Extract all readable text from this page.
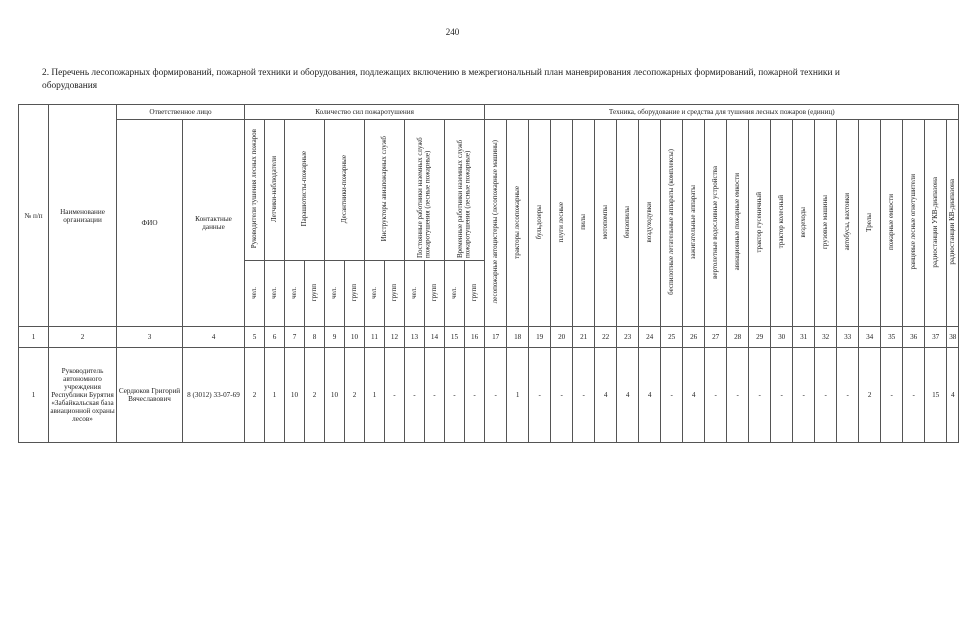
240
2. Перечень лесопожарных формирований, пожарной техники и оборудования, подлежащих включению в межрегиональный план маневрирования лесопожарных формирований, пожарной техники и оборудования
№ п/п	Наименование организации	Ответственное лицо		Количество сил пожаротушения												Техника, оборудование и средства для тушения лесных пожаров (единиц)																						
		ФИО	Контактные данные	Руководители тушения лесных пожаров	Летчики-наблюдатели	Парашютисты-пожарные		Десантники-пожарные		Инструкторы авиапожарных служб		Постоянные работники наземных служб пожаротушения (лесные пожарные)		Временные работники наземных служб пожаротушения (лесные пожарные)		лесопожарные автоцистерны (лесопожарные машины)	тракторы лесопожарные	бульдозеры	плуги лесные	пилы	мотопомпы	бензопилы	воздуходувки	беспилотные летательные аппараты (комплексы)	зажигательные аппараты	вертолетные водосливные устройства	авиационные пожарные емкости	трактор гусеничный	трактор колесный	вездеходы	грузовые машины	автобусы, вахтовки	Трелы	пожарные емкости	ранцевые лесные огнетушители	радиостанции УКВ-диапазона	радиостанции КВ-диапазона	
				чел.	чел.	чел.	групп	чел.	групп	чел.	групп	чел.	групп	чел.	групп																							
1	2	3	4	5	6	7	8	9	10	11	12	13	14	15	16	17	18	19	20	21	22	23	24	25	26	27	28	29	30	31	32	33	34	35	36	37	38	
1	Руководитель автономного учреждения Республики Бурятия «Забайкальская база авиационной охраны лесов»	Сердюков Григорий Вячеславович	8 (3012) 33-07-69	2	1	10	2	10	2	1	-	-	-	-	-	-	1	-	-	-	4	4	4	-	4	-	-	-	-	-	-	-	2	-	-	15	4	
